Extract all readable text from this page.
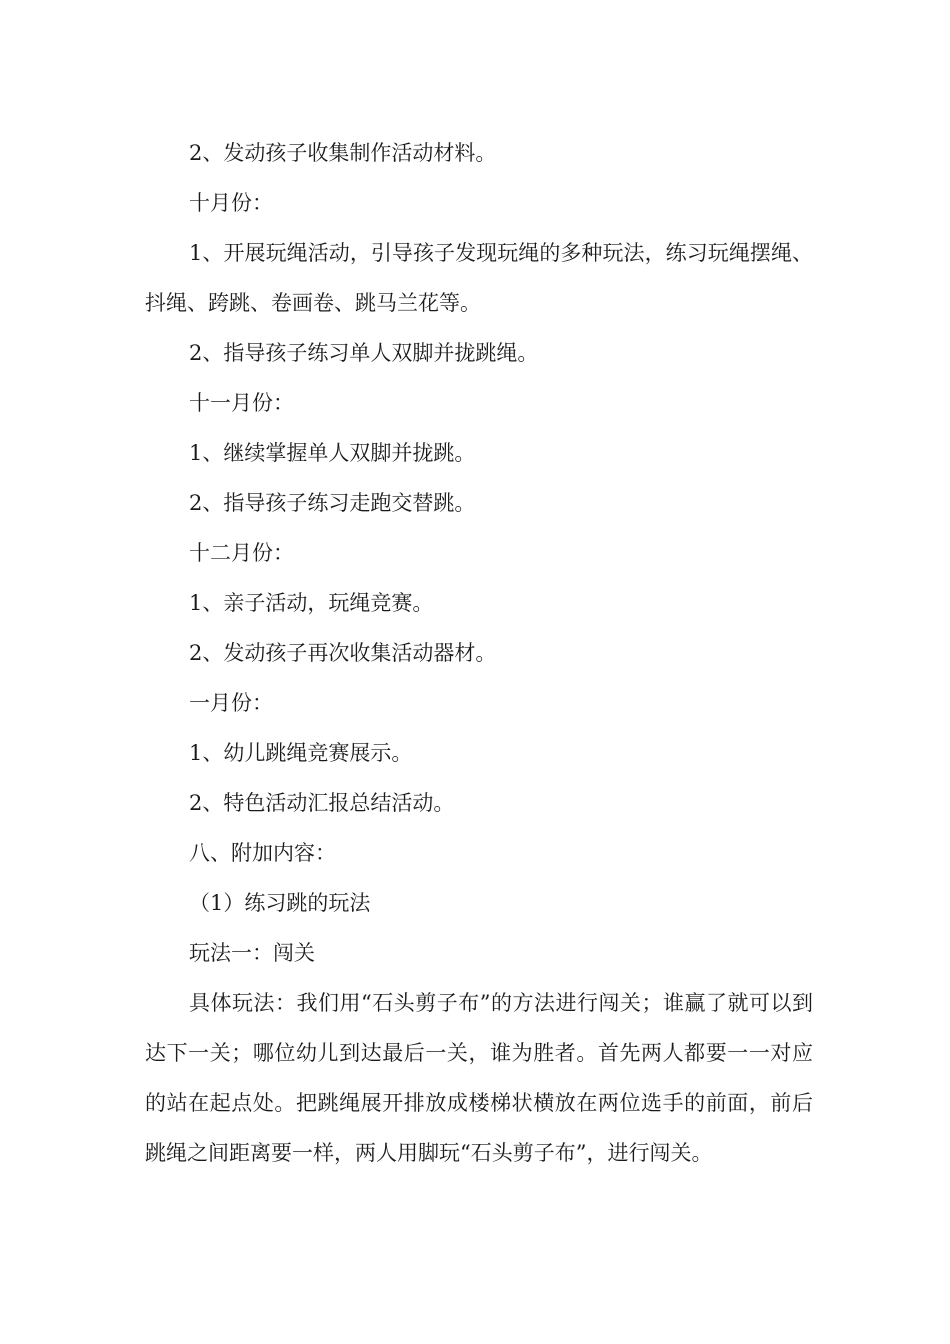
2、发动孩子收集制作活动材料。

十月份：

1、开展玩绳活动，引导孩子发现玩绳的多种玩法，练习玩绳摆绳、抖绳、跨跳、卷画卷、跳马兰花等。

2、指导孩子练习单人双脚并拢跳绳。

十一月份：

1、继续掌握单人双脚并拢跳。

2、指导孩子练习走跑交替跳。

十二月份：

1、亲子活动，玩绳竞赛。

2、发动孩子再次收集活动器材。

一月份：

1、幼儿跳绳竞赛展示。

2、特色活动汇报总结活动。

八、附加内容：

（1）练习跳的玩法

玩法一：闯关

具体玩法：我们用“石头剪子布”的方法进行闯关；谁赢了就可以到达下一关；哪位幼儿到达最后一关，谁为胜者。首先两人都要一一对应的站在起点处。把跳绳展开排放成楼梯状横放在两位选手的前面，前后跳绳之间距离要一样，两人用脚玩“石头剪子布”，进行闯关。
